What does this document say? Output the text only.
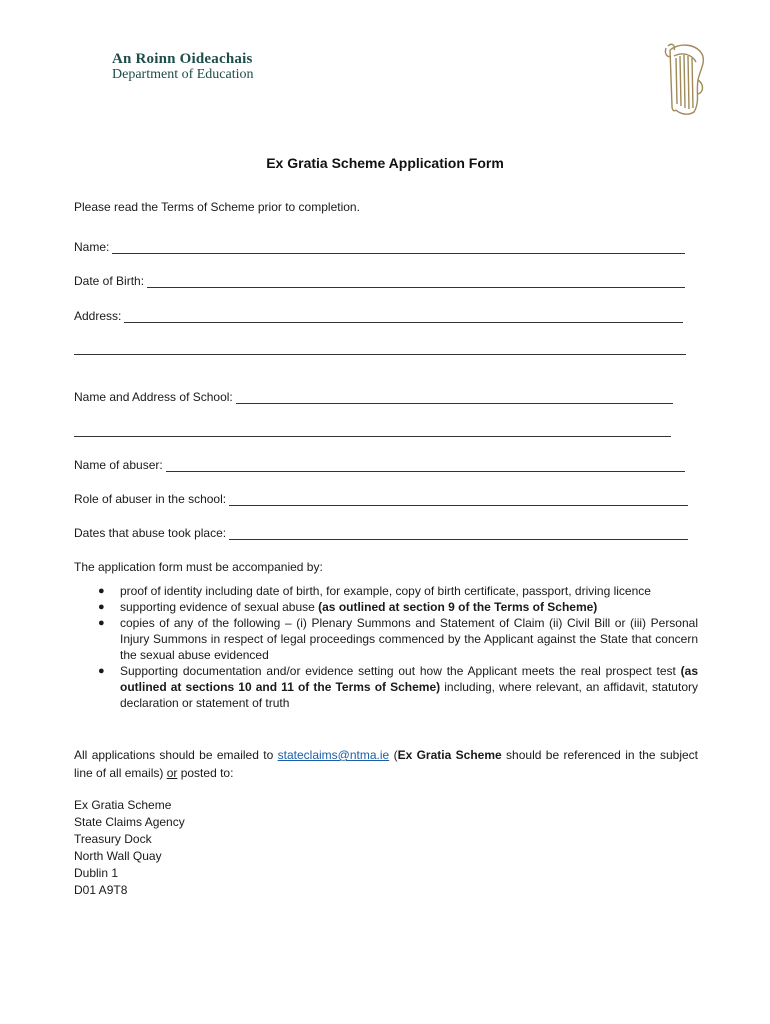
An Roinn Oideachais
Department of Education
Ex Gratia Scheme Application Form
Please read the Terms of Scheme prior to completion.
Name:
Date of Birth:
Address:
Name and Address of School:
Name of abuser:
Role of abuser in the school:
Dates that abuse took place:
The application form must be accompanied by:
● proof of identity including date of birth, for example, copy of birth certificate, passport, driving licence
● supporting evidence of sexual abuse (as outlined at section 9 of the Terms of Scheme)
● copies of any of the following – (i) Plenary Summons and Statement of Claim (ii) Civil Bill or (iii) Personal Injury Summons in respect of legal proceedings commenced by the Applicant against the State that concern the sexual abuse evidenced
● Supporting documentation and/or evidence setting out how the Applicant meets the real prospect test (as outlined at sections 10 and 11 of the Terms of Scheme) including, where relevant, an affidavit, statutory declaration or statement of truth
All applications should be emailed to stateclaims@ntma.ie (Ex Gratia Scheme should be referenced in the subject line of all emails) or posted to:
Ex Gratia Scheme
State Claims Agency
Treasury Dock
North Wall Quay
Dublin 1
D01 A9T8
